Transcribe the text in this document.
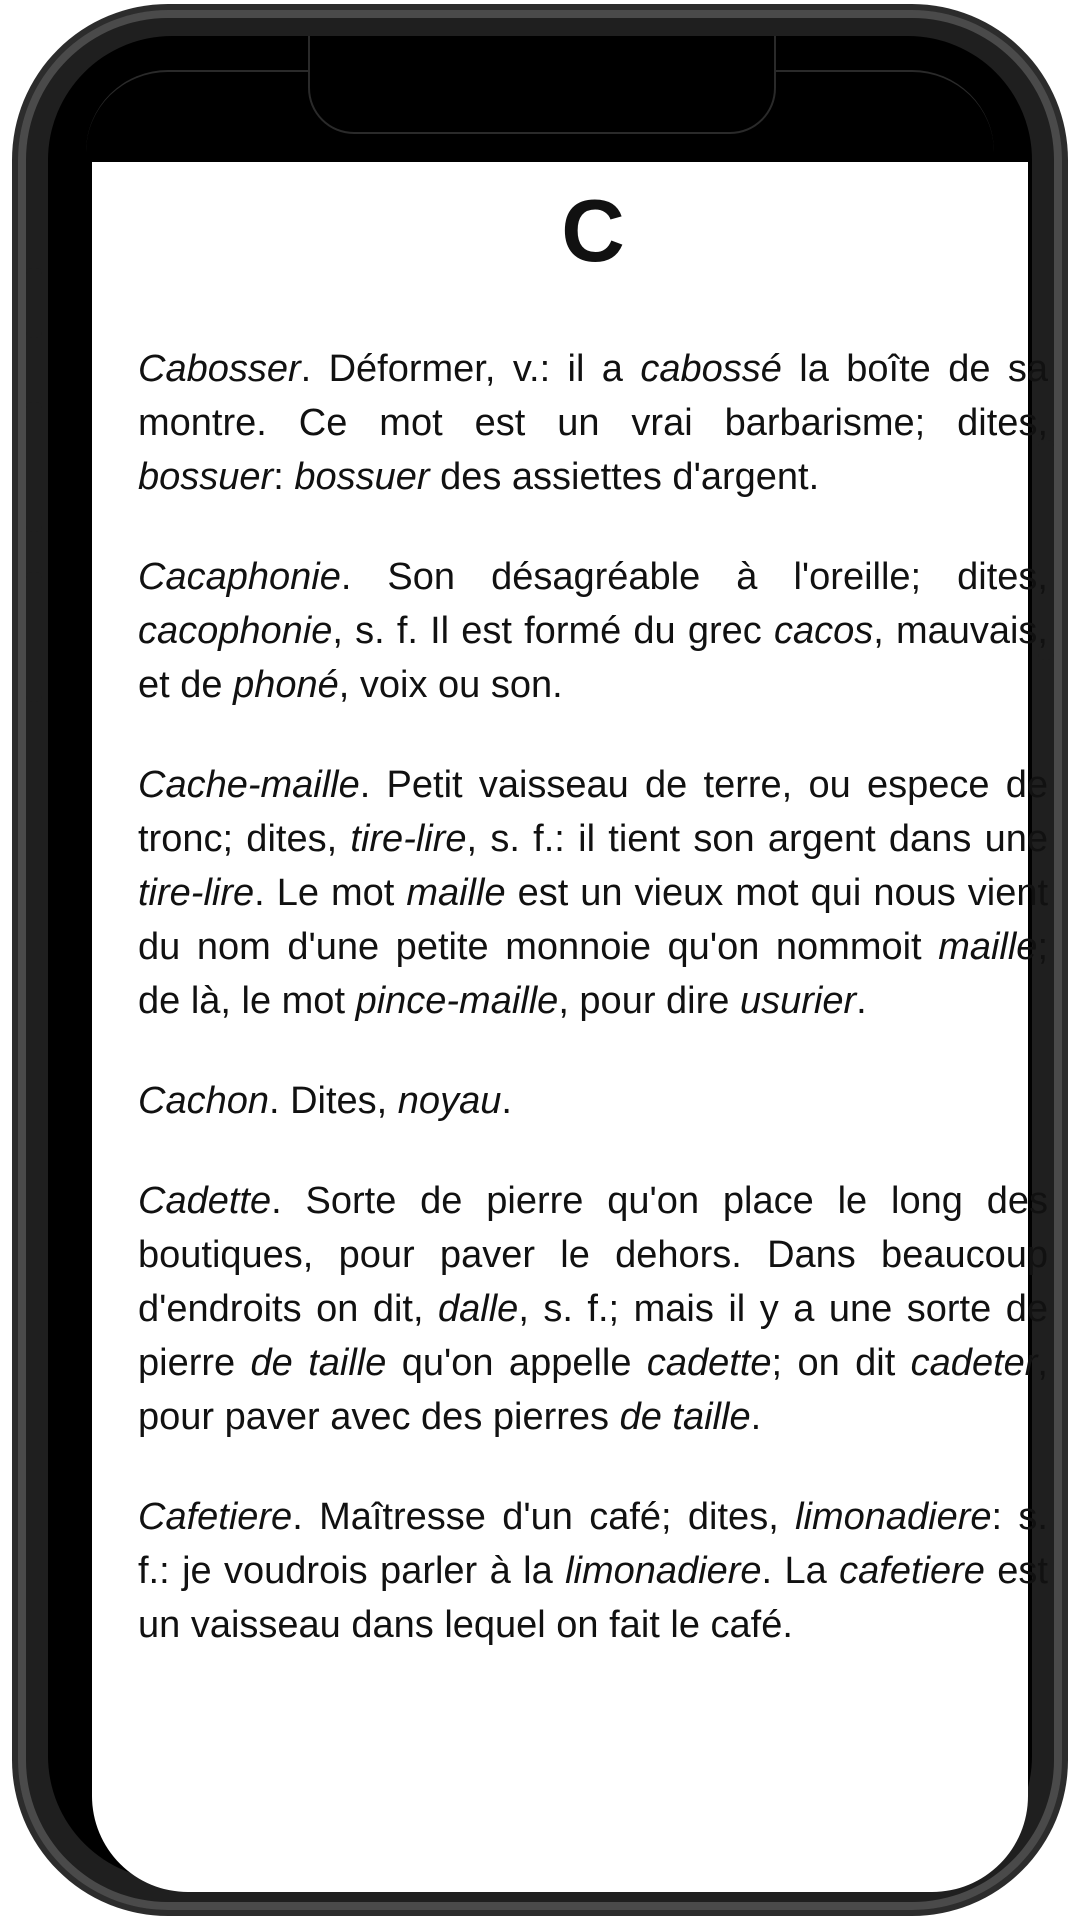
C

Cabosser. Déformer, v.: il a cabossé la boîte de sa montre. Ce mot est un vrai barbarisme; dites, bossuer: bossuer des assiettes d'argent.

Cacaphonie. Son désagréable à l'oreille; dites, cacophonie, s. f. Il est formé du grec cacos, mauvais, et de phoné, voix ou son.

Cache-maille. Petit vaisseau de terre, ou espece de tronc; dites, tire-lire, s. f.: il tient son argent dans une tire-lire. Le mot maille est un vieux mot qui nous vient du nom d'une petite monnoie qu'on nommoit maille; de là, le mot pince-maille, pour dire usurier.

Cachon. Dites, noyau.

Cadette. Sorte de pierre qu'on place le long des boutiques, pour paver le dehors. Dans beaucoup d'endroits on dit, dalle, s. f.; mais il y a une sorte de pierre de taille qu'on appelle cadette; on dit cadeter, pour paver avec des pierres de taille.

Cafetiere. Maîtresse d'un café; dites, limonadiere: s. f.: je voudrois parler à la limonadiere. La cafetiere est un vaisseau dans lequel on fait le café.
